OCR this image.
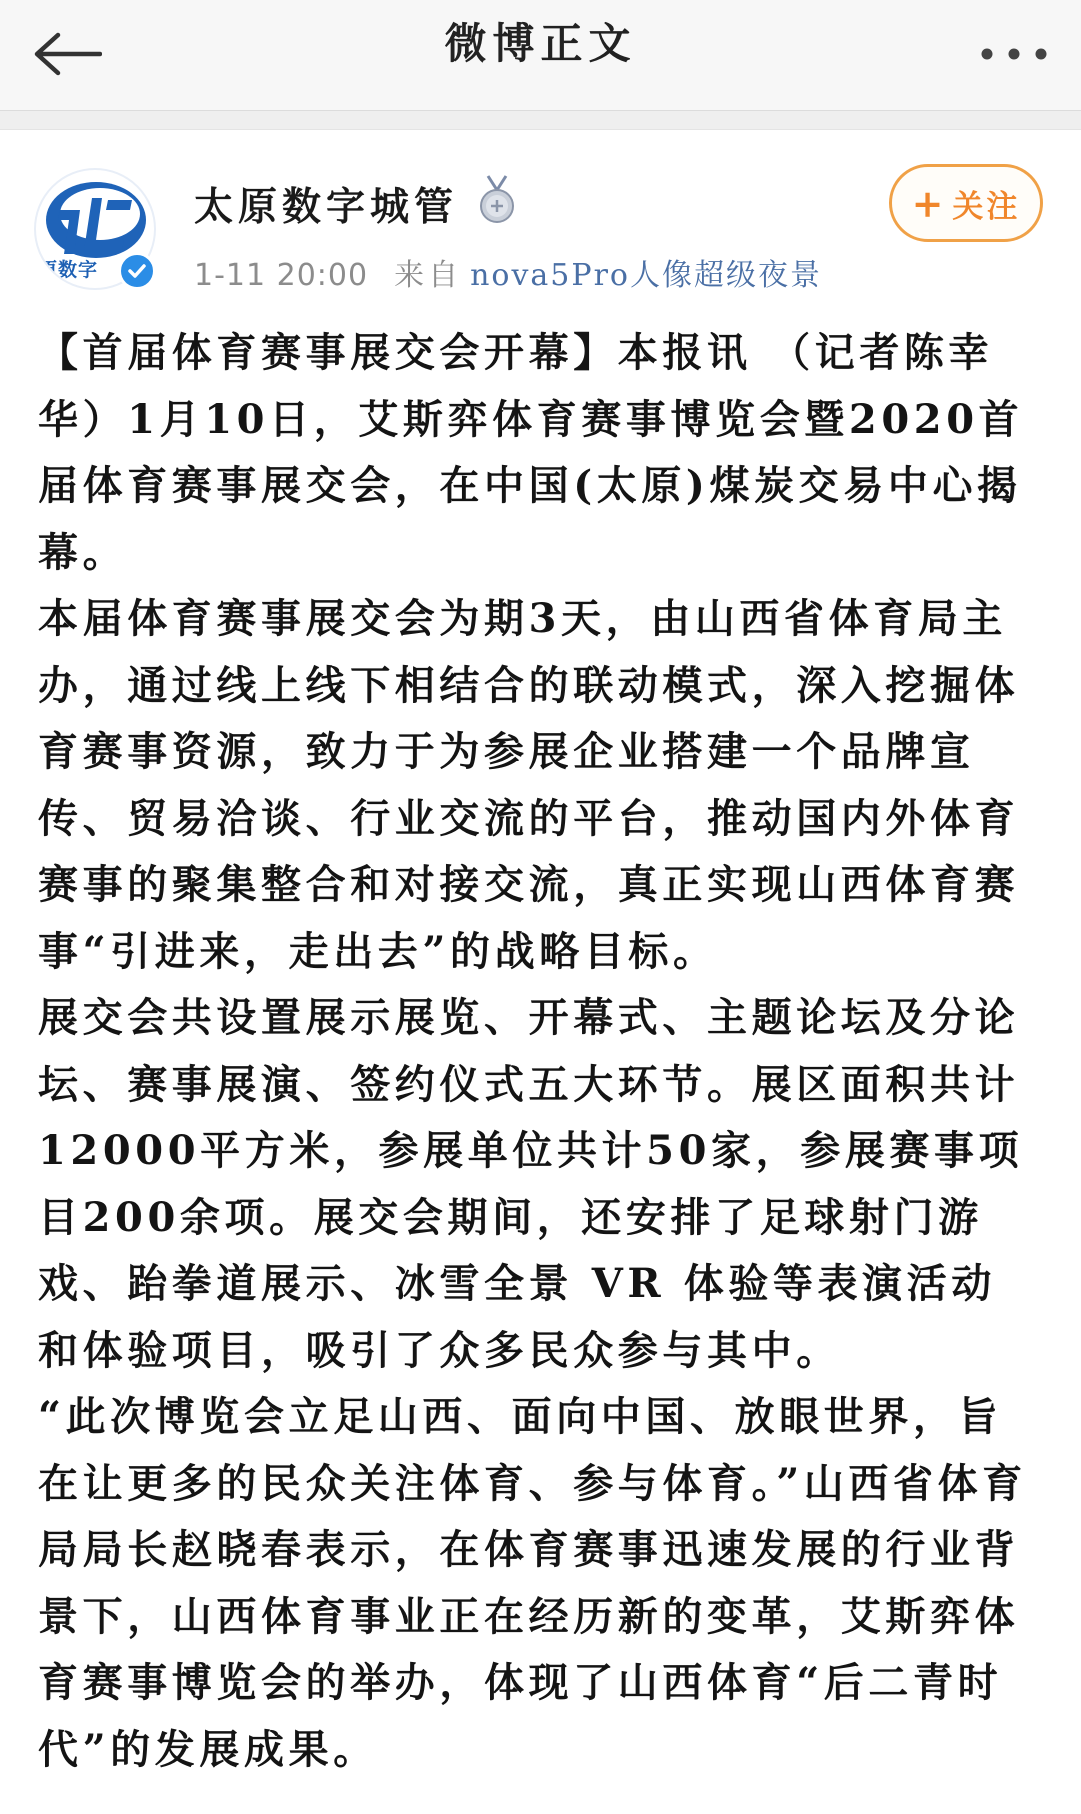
微博正文
原数字
太原数字城管
1-11 20:00 来自 nova5Pro人像超级夜景
+ 关注

【首届体育赛事展交会开幕】本报讯 （记者陈幸华）1月10日，艾斯弈体育赛事博览会暨2020首届体育赛事展交会，在中国(太原)煤炭交易中心揭幕。

本届体育赛事展交会为期3天，由山西省体育局主办，通过线上线下相结合的联动模式，深入挖掘体育赛事资源，致力于为参展企业搭建一个品牌宣传、贸易洽谈、行业交流的平台，推动国内外体育赛事的聚集整合和对接交流，真正实现山西体育赛事“引进来，走出去”的战略目标。

展交会共设置展示展览、开幕式、主题论坛及分论坛、赛事展演、签约仪式五大环节。展区面积共计12000平方米，参展单位共计50家，参展赛事项目200余项。展交会期间，还安排了足球射门游戏、跆拳道展示、冰雪全景 VR 体验等表演活动和体验项目，吸引了众多民众参与其中。

“此次博览会立足山西、面向中国、放眼世界，旨在让更多的民众关注体育、参与体育。”山西省体育局局长赵晓春表示，在体育赛事迅速发展的行业背景下，山西体育事业正在经历新的变革，艾斯弈体育赛事博览会的举办，体现了山西体育“后二青时代”的发展成果。
